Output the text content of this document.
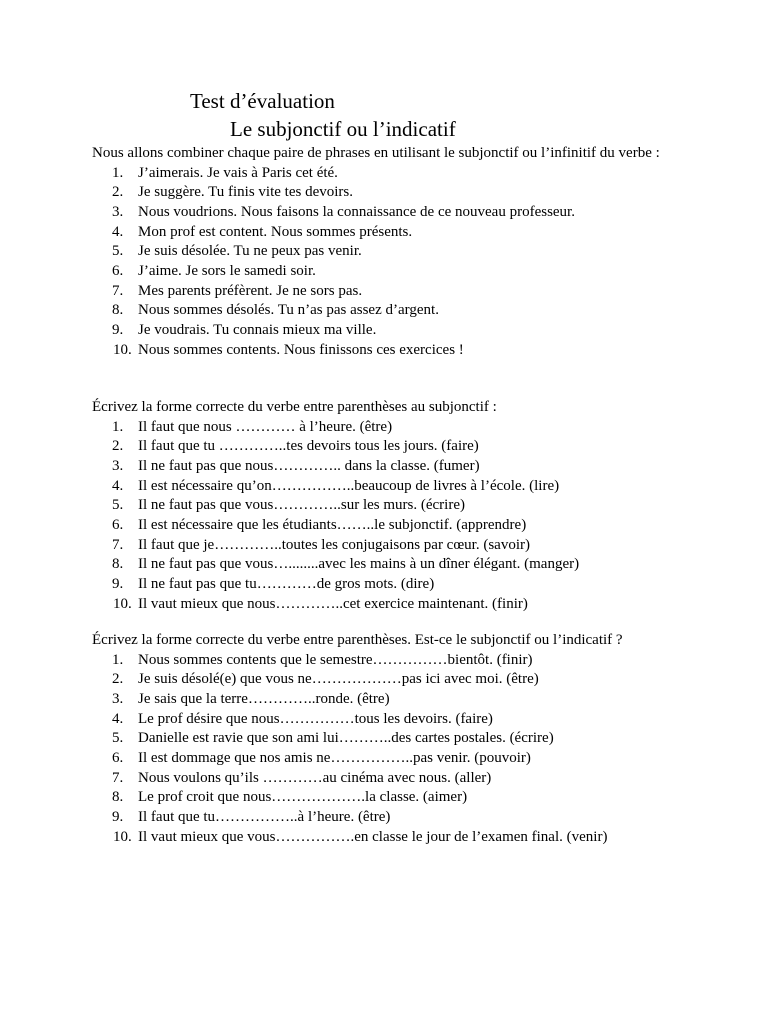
Test d’évaluation
Le subjonctif ou l’indicatif
Nous allons combiner chaque paire de phrases en utilisant le subjonctif ou l’infinitif du verbe :
1. J’aimerais. Je vais à Paris cet été.
2. Je suggère. Tu finis vite tes devoirs.
3. Nous voudrions. Nous faisons la connaissance de ce nouveau professeur.
4. Mon prof est content. Nous sommes présents.
5. Je suis désolée. Tu ne peux pas venir.
6. J’aime. Je sors le samedi soir.
7. Mes parents préfèrent. Je ne sors pas.
8. Nous sommes désolés. Tu n’as pas assez d’argent.
9. Je voudrais. Tu connais mieux ma ville.
10. Nous sommes contents. Nous finissons ces exercices !
Écrivez la forme correcte du verbe entre parenthèses au subjonctif :
1. Il faut que nous ………… à l’heure. (être)
2. Il faut que tu …………..tes devoirs tous les jours. (faire)
3. Il ne faut pas que nous………….. dans la classe. (fumer)
4. Il est nécessaire qu’on……………..beaucoup de livres à l’école. (lire)
5. Il ne faut pas que vous…………..sur les murs. (écrire)
6. Il est nécessaire que les étudiants……..le subjonctif. (apprendre)
7. Il faut que je…………..toutes les conjugaisons par cœur. (savoir)
8. Il ne faut pas que vous…........avec les mains à un dîner élégant. (manger)
9. Il ne faut pas que tu…………de gros mots. (dire)
10. Il vaut mieux que nous…………..cet exercice maintenant. (finir)
Écrivez la forme correcte du verbe entre parenthèses. Est-ce le subjonctif ou l’indicatif ?
1. Nous sommes contents que le semestre……………bientôt. (finir)
2. Je suis désolé(e) que vous ne………………pas ici avec moi. (être)
3. Je sais que la terre…………..ronde. (être)
4. Le prof désire que nous……………tous les devoirs. (faire)
5. Danielle est ravie que son ami lui………..des cartes postales. (écrire)
6. Il est dommage que nos amis ne……………..pas venir. (pouvoir)
7. Nous voulons qu’ils …………au cinéma avec nous. (aller)
8. Le prof croit que nous……………….la classe. (aimer)
9. Il faut que tu……………..à l’heure. (être)
10. Il vaut mieux que vous…………….en classe le jour de l’examen final. (venir)
